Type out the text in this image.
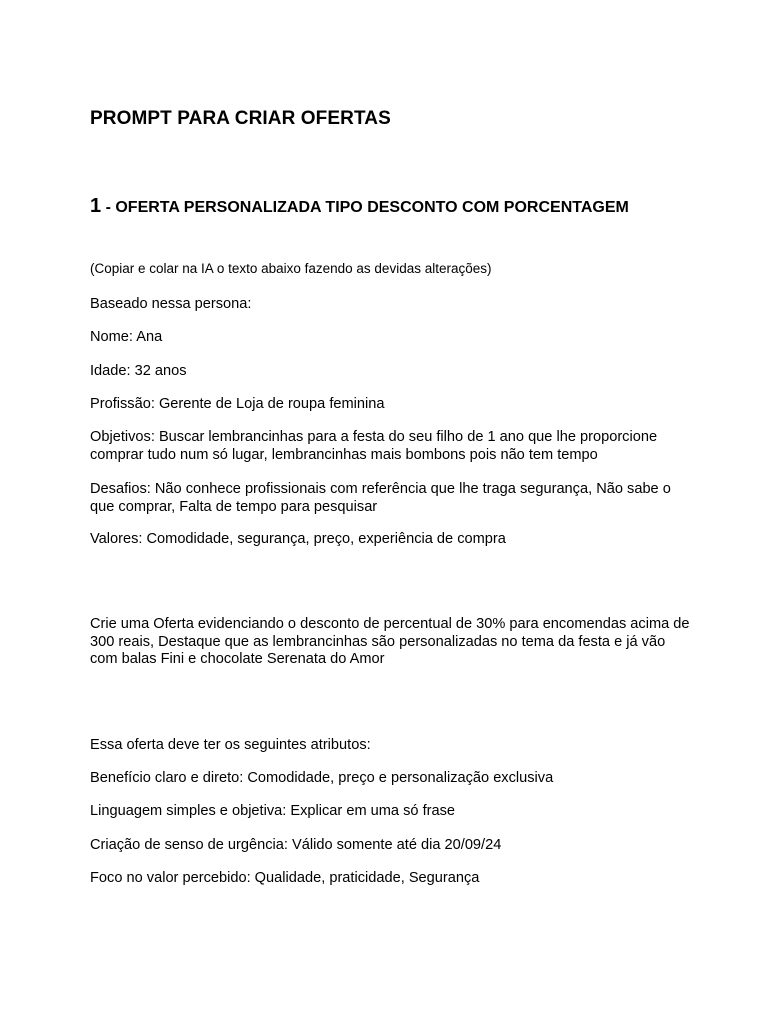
PROMPT PARA CRIAR OFERTAS
1 - OFERTA PERSONALIZADA TIPO DESCONTO COM PORCENTAGEM

(Copiar e colar na IA o texto abaixo fazendo as devidas alterações)

Baseado nessa persona:

Nome: Ana

Idade: 32 anos

Profissão: Gerente de Loja de roupa feminina

Objetivos: Buscar lembrancinhas para a festa do seu filho de 1 ano que lhe proporcione comprar tudo num só lugar, lembrancinhas mais bombons pois não tem tempo

Desafios: Não conhece profissionais com referência que lhe traga segurança, Não sabe o que comprar, Falta de tempo para pesquisar

Valores: Comodidade, segurança, preço, experiência de compra

Crie uma Oferta evidenciando o desconto de percentual de 30% para encomendas acima de 300 reais, Destaque que as lembrancinhas são personalizadas no tema da festa e já vão com balas Fini e chocolate Serenata do Amor

Essa oferta deve ter os seguintes atributos:

Benefício claro e direto: Comodidade, preço e personalização exclusiva

Linguagem simples e objetiva: Explicar em uma só frase

Criação de senso de urgência: Válido somente até dia 20/09/24

Foco no valor percebido: Qualidade, praticidade, Segurança
